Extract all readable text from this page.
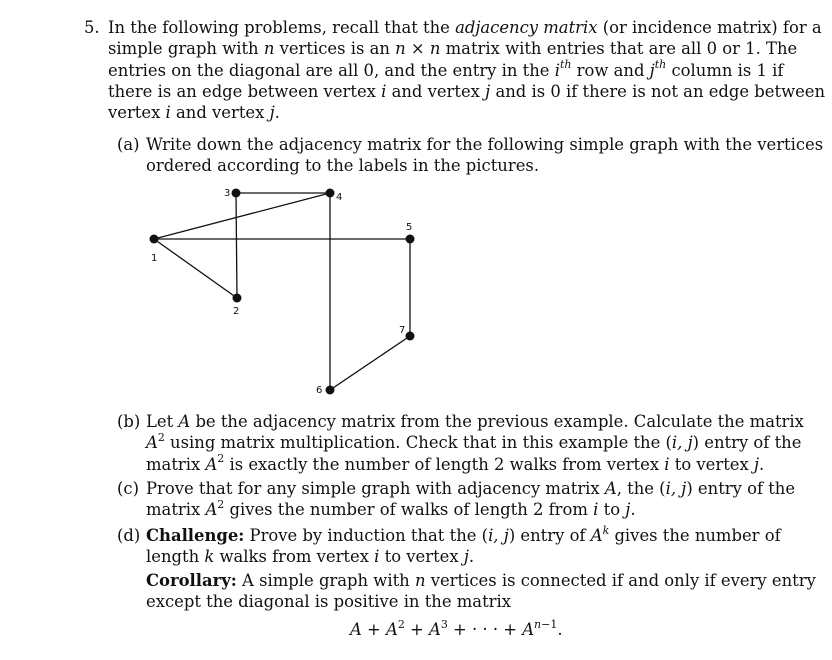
5. In the following problems, recall that the adjacency matrix (or incidence matrix) for a
simple graph with n vertices is an n × n matrix with entries that are all 0 or 1. The
entries on the diagonal are all 0, and the entry in the $i^{th}$ row and $j^{th}$ column is 1 if
there is an edge between vertex i and vertex j and is 0 if there is not an edge between
vertex i and vertex j.
(a) Write down the adjacency matrix for the following simple graph with the vertices
ordered according to the labels in the pictures.
1
2
3	4
5
6
7
(b) Let A be the adjacency matrix from the previous example. Calculate the matrix
$A^2$ using matrix multiplication. Check that in this example the (i, j) entry of the
matrix $A^2$ is exactly the number of length 2 walks from vertex i to vertex j.
(c) Prove that for any simple graph with adjacency matrix A, the (i, j) entry of the
matrix $A^2$ gives the number of walks of length 2 from i to j.
(d) Challenge: Prove by induction that the (i, j) entry of $A^k$ gives the number of
length k walks from vertex i to vertex j.
Corollary: A simple graph with n vertices is connected if and only if every entry
except the diagonal is positive in the matrix
$A + A^2 + A^3$ + · · · + $A^{n-1}$.
